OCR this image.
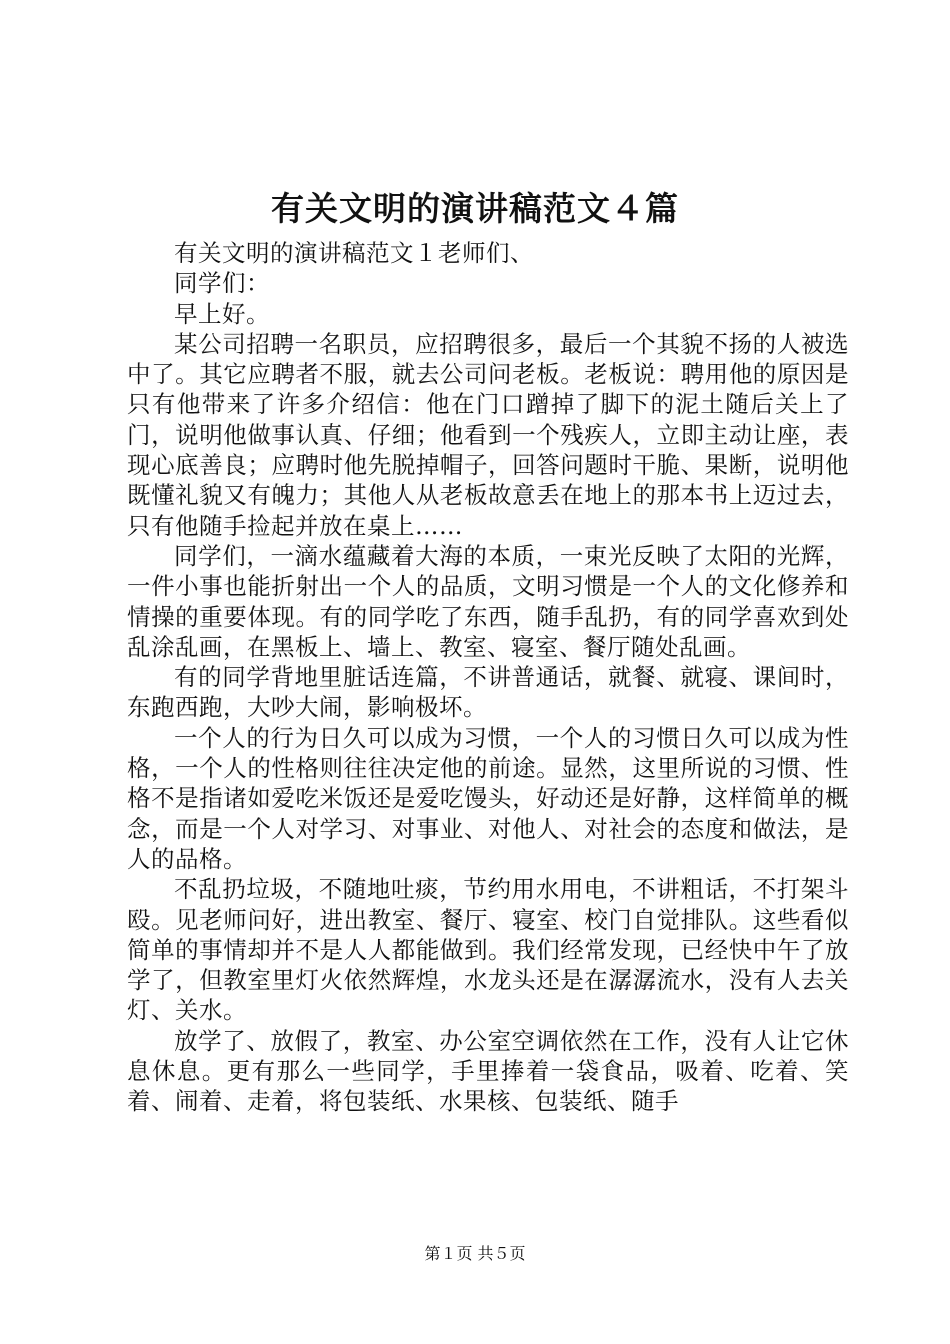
有关文明的演讲稿范文４篇

有关文明的演讲稿范文１老师们、

同学们：

早上好。

某公司招聘一名职员，应招聘很多，最后一个其貌不扬的人被选中了。其它应聘者不服，就去公司问老板。老板说：聘用他的原因是只有他带来了许多介绍信：他在门口蹭掉了脚下的泥土随后关上了门，说明他做事认真、仔细；他看到一个残疾人，立即主动让座，表现心底善良；应聘时他先脱掉帽子，回答问题时干脆、果断，说明他既懂礼貌又有魄力；其他人从老板故意丢在地上的那本书上迈过去，只有他随手捡起并放在桌上……

同学们，一滴水蕴藏着大海的本质，一束光反映了太阳的光辉，一件小事也能折射出一个人的品质，文明习惯是一个人的文化修养和情操的重要体现。有的同学吃了东西，随手乱扔，有的同学喜欢到处乱涂乱画，在黑板上、墙上、教室、寝室、餐厅随处乱画。

有的同学背地里脏话连篇，不讲普通话，就餐、就寝、课间时，东跑西跑，大吵大闹，影响极坏。

一个人的行为日久可以成为习惯，一个人的习惯日久可以成为性格，一个人的性格则往往决定他的前途。显然，这里所说的习惯、性格不是指诸如爱吃米饭还是爱吃馒头，好动还是好静，这样简单的概念，而是一个人对学习、对事业、对他人、对社会的态度和做法，是人的品格。

不乱扔垃圾，不随地吐痰，节约用水用电，不讲粗话，不打架斗殴。见老师问好，进出教室、餐厅、寝室、校门自觉排队。这些看似简单的事情却并不是人人都能做到。我们经常发现，已经快中午了放学了，但教室里灯火依然辉煌，水龙头还是在潺潺流水，没有人去关灯、关水。

放学了、放假了，教室、办公室空调依然在工作，没有人让它休息休息。更有那么一些同学，手里捧着一袋食品，吸着、吃着、笑着、闹着、走着，将包装纸、水果核、包装纸、随手

第１页 共５页
